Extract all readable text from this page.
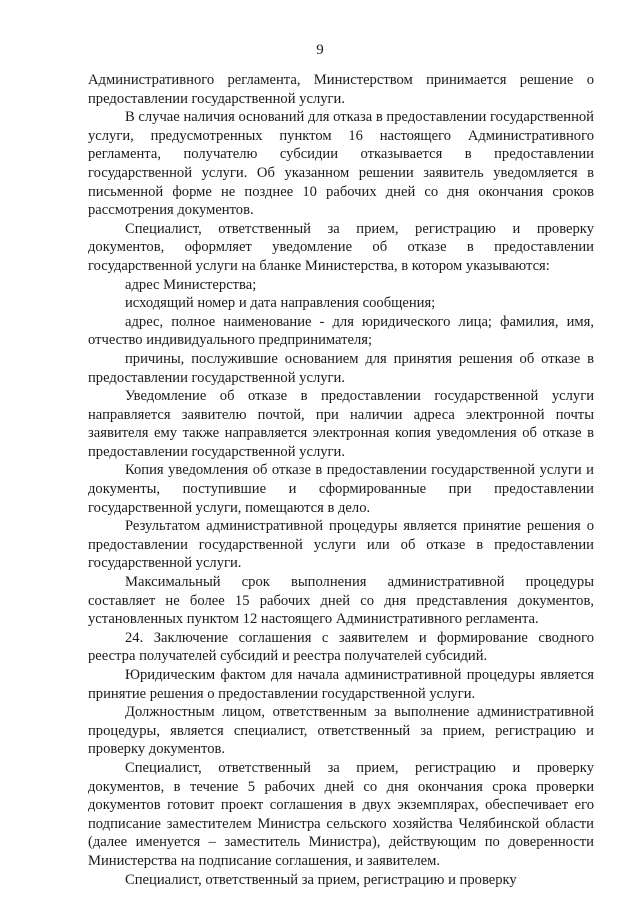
9

Административного регламента, Министерством принимается решение о предоставлении государственной услуги.

В случае наличия оснований для отказа в предоставлении государственной услуги, предусмотренных пунктом 16 настоящего Административного регламента, получателю субсидии отказывается в предоставлении государственной услуги. Об указанном решении заявитель уведомляется в письменной форме не позднее 10 рабочих дней со дня окончания сроков рассмотрения документов.

Специалист, ответственный за прием, регистрацию и проверку документов, оформляет уведомление об отказе в предоставлении государственной услуги на бланке Министерства, в котором указываются:

адрес Министерства;

исходящий номер и дата направления сообщения;

адрес, полное наименование - для юридического лица; фамилия, имя, отчество индивидуального предпринимателя;

причины, послужившие основанием для принятия решения об отказе в предоставлении государственной услуги.

Уведомление об отказе в предоставлении государственной услуги направляется заявителю почтой, при наличии адреса электронной почты заявителя ему также направляется электронная копия уведомления об отказе в предоставлении государственной услуги.

Копия уведомления об отказе в предоставлении государственной услуги и документы, поступившие и сформированные при предоставлении государственной услуги, помещаются в дело.

Результатом административной процедуры является принятие решения о предоставлении государственной услуги или об отказе в предоставлении государственной услуги.

Максимальный срок выполнения административной процедуры составляет не более 15 рабочих дней со дня представления документов, установленных пунктом 12 настоящего Административного регламента.

24. Заключение соглашения с заявителем и формирование сводного реестра получателей субсидий и реестра получателей субсидий.

Юридическим фактом для начала административной процедуры является принятие решения о предоставлении государственной услуги.

Должностным лицом, ответственным за выполнение административной процедуры, является специалист, ответственный за прием, регистрацию и проверку документов.

Специалист, ответственный за прием, регистрацию и проверку документов, в течение 5 рабочих дней со дня окончания срока проверки документов готовит проект соглашения в двух экземплярах, обеспечивает его подписание заместителем Министра сельского хозяйства Челябинской области (далее именуется – заместитель Министра), действующим по доверенности Министерства на подписание соглашения, и заявителем.

Специалист, ответственный за прием, регистрацию и проверку
